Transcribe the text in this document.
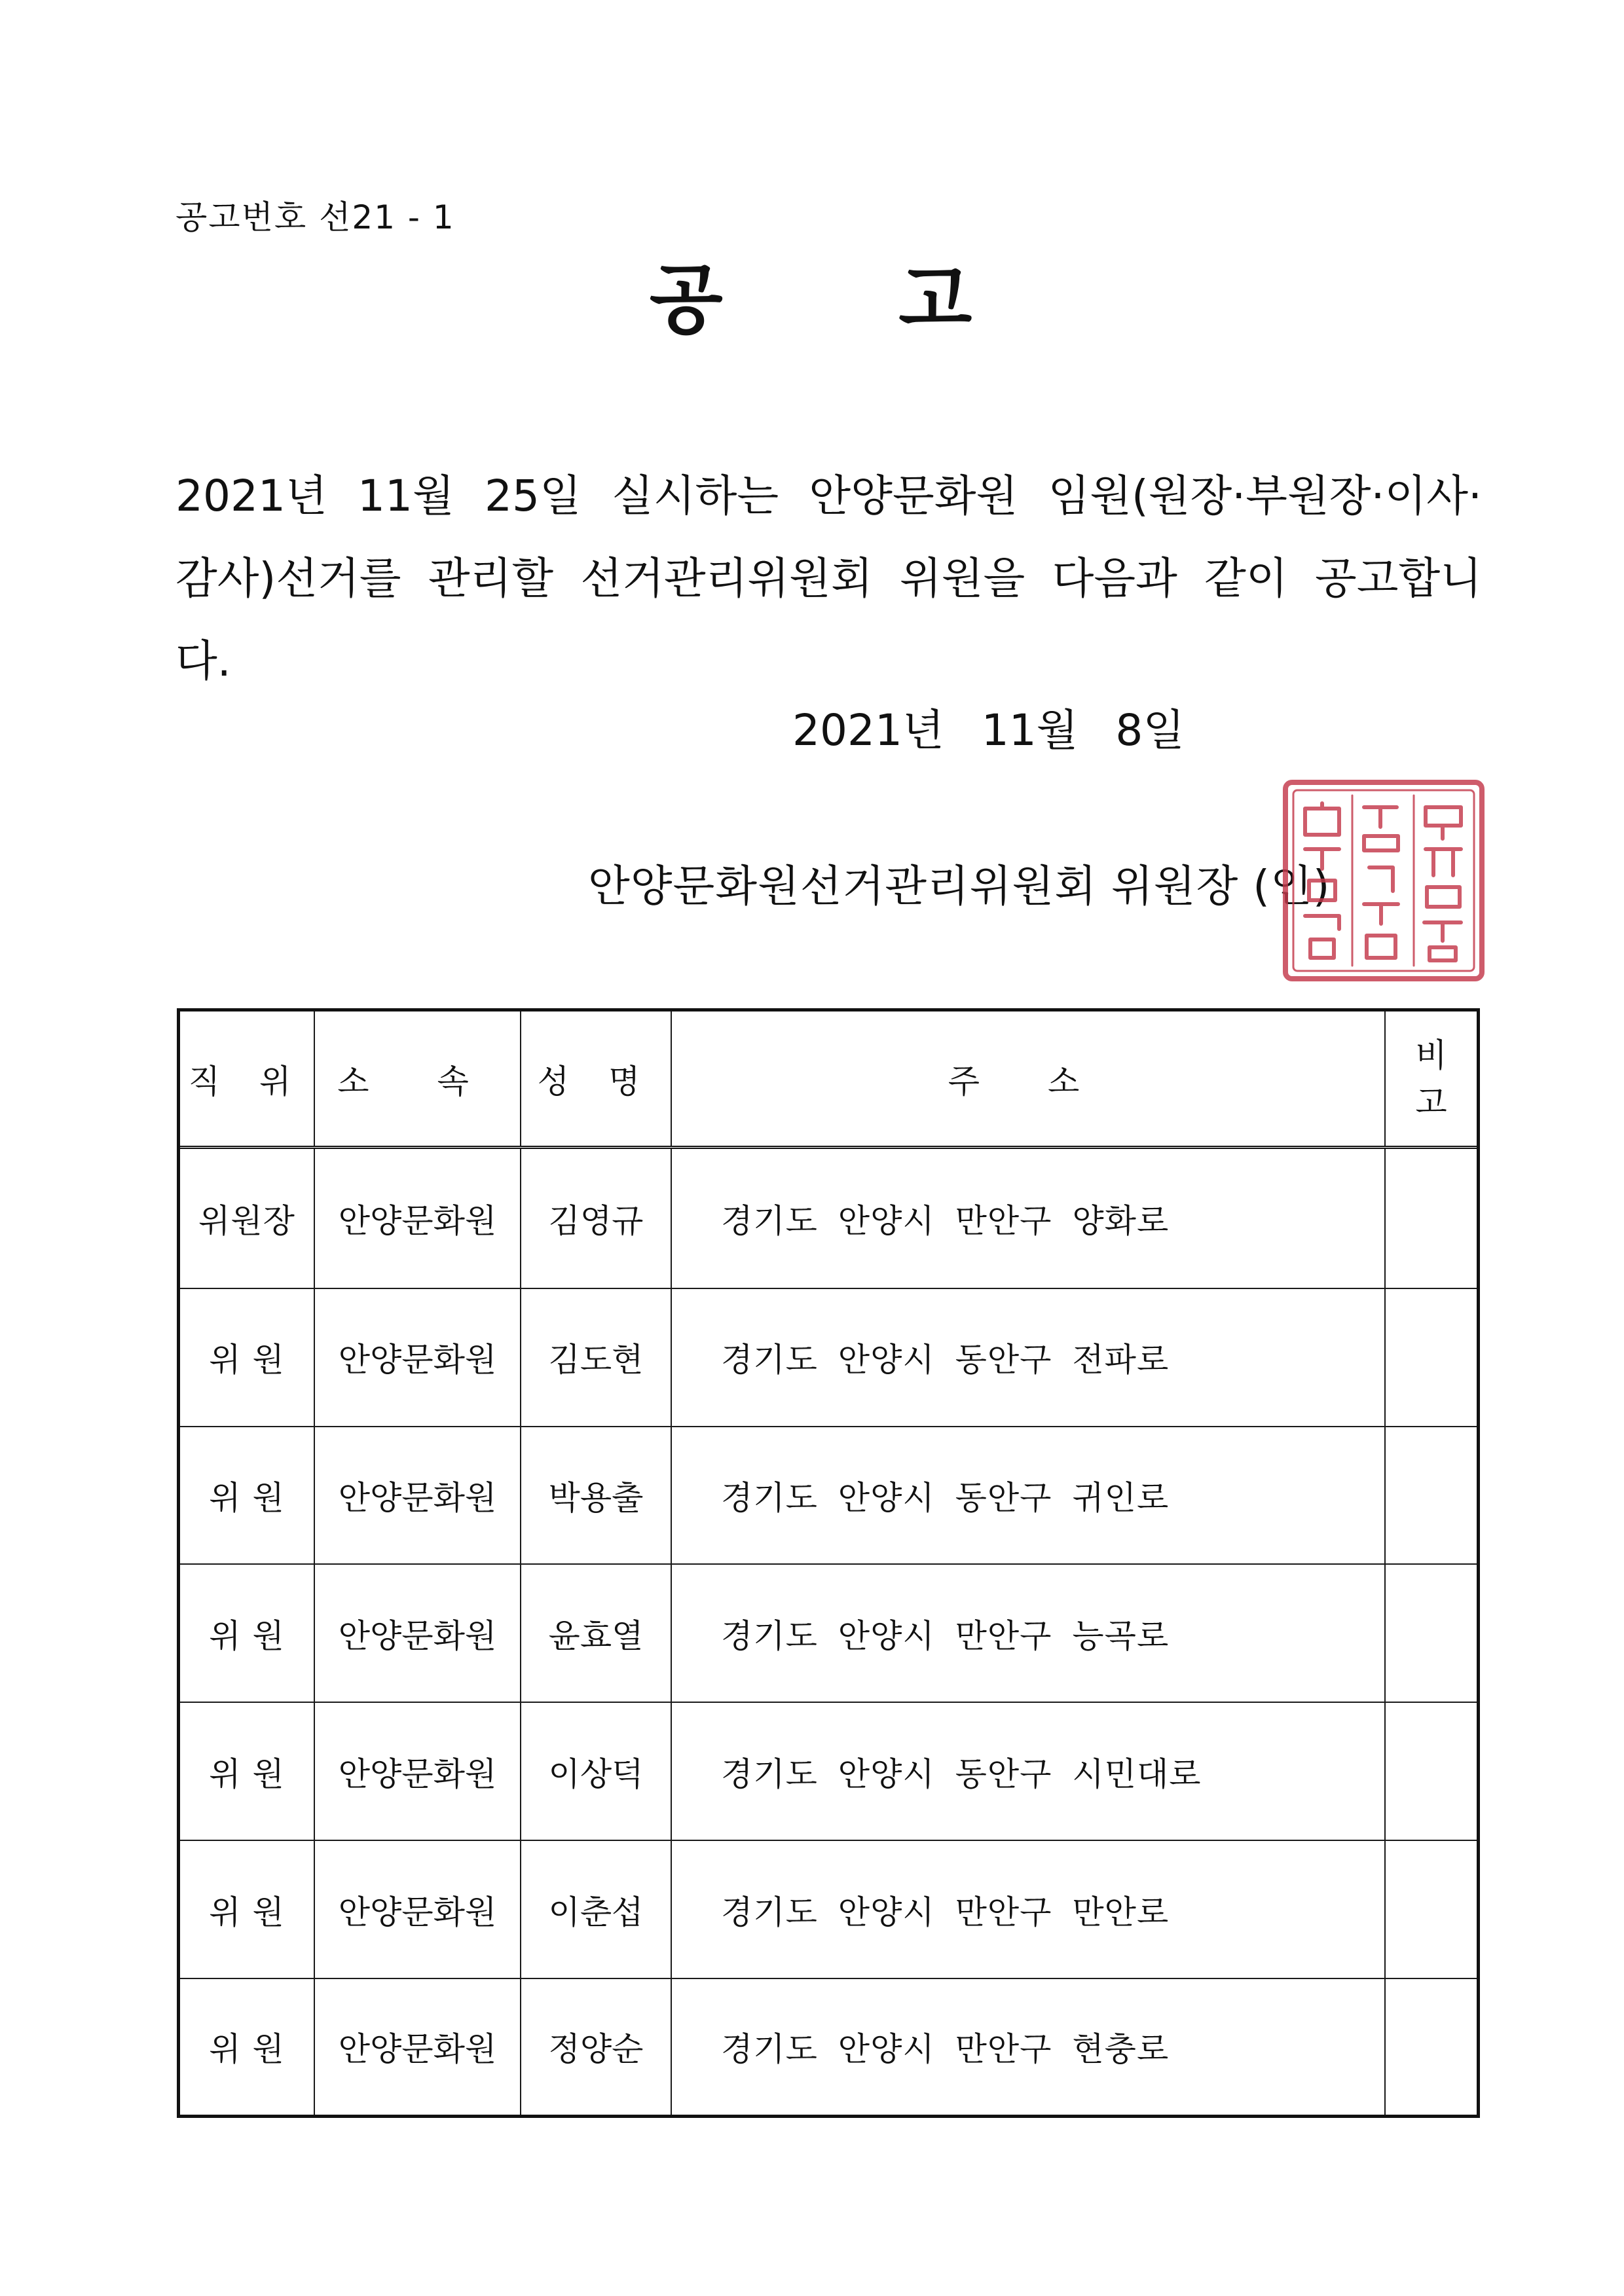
공고번호 선21 - 1
공 고
2021년 11월 25일 실시하는 안양문화원 임원(원장·부원장·이사·감사)선거를 관리할 선거관리위원회 위원을 다음과 같이 공고합니다.
2021년 11월 8일
안양문화원선거관리위원회 위원장 (인)
직 위	소 속	성 명	주 소	비
고

위원장	안양문화원	김영규	경기도 안양시 만안구 양화로	
위 원	안양문화원	김도현	경기도 안양시 동안구 전파로	
위 원	안양문화원	박용출	경기도 안양시 동안구 귀인로	
위 원	안양문화원	윤효열	경기도 안양시 만안구 능곡로	
위 원	안양문화원	이상덕	경기도 안양시 동안구 시민대로	
위 원	안양문화원	이춘섭	경기도 안양시 만안구 만안로	
위 원	안양문화원	정양순	경기도 안양시 만안구 현충로	
